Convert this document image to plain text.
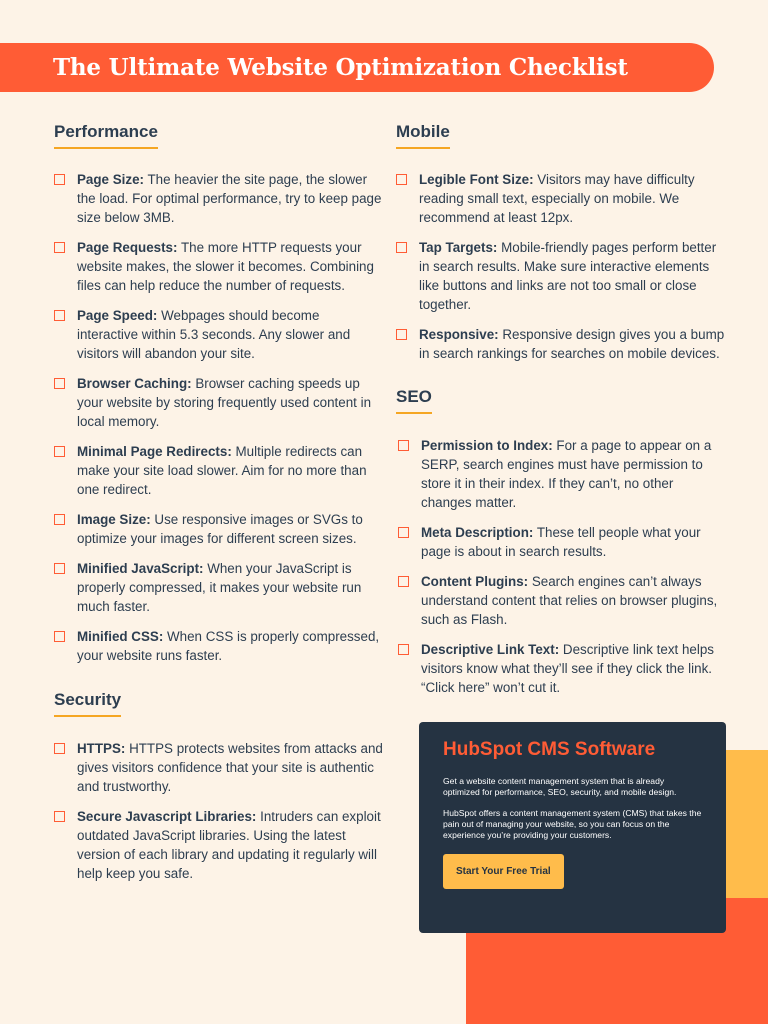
The Ultimate Website Optimization Checklist
Performance
Page Size: The heavier the site page, the slower the load. For optimal performance, try to keep page size below 3MB.
Page Requests: The more HTTP requests your website makes, the slower it becomes. Combining files can help reduce the number of requests.
Page Speed: Webpages should become interactive within 5.3 seconds. Any slower and visitors will abandon your site.
Browser Caching: Browser caching speeds up your website by storing frequently used content in local memory.
Minimal Page Redirects: Multiple redirects can make your site load slower. Aim for no more than one redirect.
Image Size: Use responsive images or SVGs to optimize your images for different screen sizes.
Minified JavaScript: When your JavaScript is properly compressed, it makes your website run much faster.
Minified CSS: When CSS is properly compressed, your website runs faster.
Security
HTTPS: HTTPS protects websites from attacks and gives visitors confidence that your site is authentic and trustworthy.
Secure Javascript Libraries: Intruders can exploit outdated JavaScript libraries. Using the latest version of each library and updating it regularly will help keep you safe.
Mobile
Legible Font Size: Visitors may have difficulty reading small text, especially on mobile. We recommend at least 12px.
Tap Targets: Mobile-friendly pages perform better in search results. Make sure interactive elements like buttons and links are not too small or close together.
Responsive: Responsive design gives you a bump in search rankings for searches on mobile devices.
SEO
Permission to Index: For a page to appear on a SERP, search engines must have permission to store it in their index. If they can’t, no other changes matter.
Meta Description: These tell people what your page is about in search results.
Content Plugins: Search engines can’t always understand content that relies on browser plugins, such as Flash.
Descriptive Link Text: Descriptive link text helps visitors know what they’ll see if they click the link. “Click here” won’t cut it.
HubSpot CMS Software

Get a website content management system that is already optimized for performance, SEO, security, and mobile design.

HubSpot offers a content management system (CMS) that takes the pain out of managing your website, so you can focus on the experience you’re providing your customers.

Start Your Free Trial
